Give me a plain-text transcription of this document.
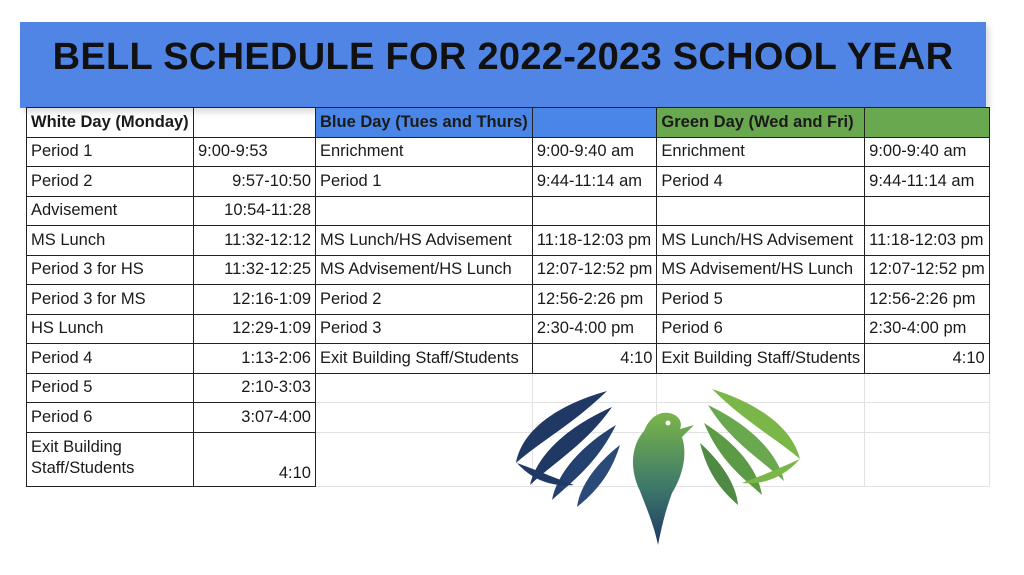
BELL SCHEDULE FOR 2022-2023 SCHOOL YEAR
White Day (Monday)		Blue Day (Tues and Thurs)		Green Day (Wed and Fri)	
Period 1	9:00-9:53	Enrichment	9:00-9:40 am	Enrichment	9:00-9:40 am
Period 2	9:57-10:50	Period 1	9:44-11:14 am	Period 4	9:44-11:14 am
Advisement	10:54-11:28				
MS Lunch	11:32-12:12	MS Lunch/HS Advisement	11:18-12:03 pm	MS Lunch/HS Advisement	11:18-12:03 pm
Period 3 for HS	11:32-12:25	MS Advisement/HS Lunch	12:07-12:52 pm	MS Advisement/HS Lunch	12:07-12:52 pm
Period 3 for MS	12:16-1:09	Period 2	12:56-2:26 pm	Period 5	12:56-2:26 pm
HS Lunch	12:29-1:09	Period 3	2:30-4:00 pm	Period 6	2:30-4:00 pm
Period 4	1:13-2:06	Exit Building Staff/Students	4:10	Exit Building Staff/Students	4:10
Period 5	2:10-3:03				
Period 6	3:07-4:00				
Exit Building Staff/Students	4:10				
